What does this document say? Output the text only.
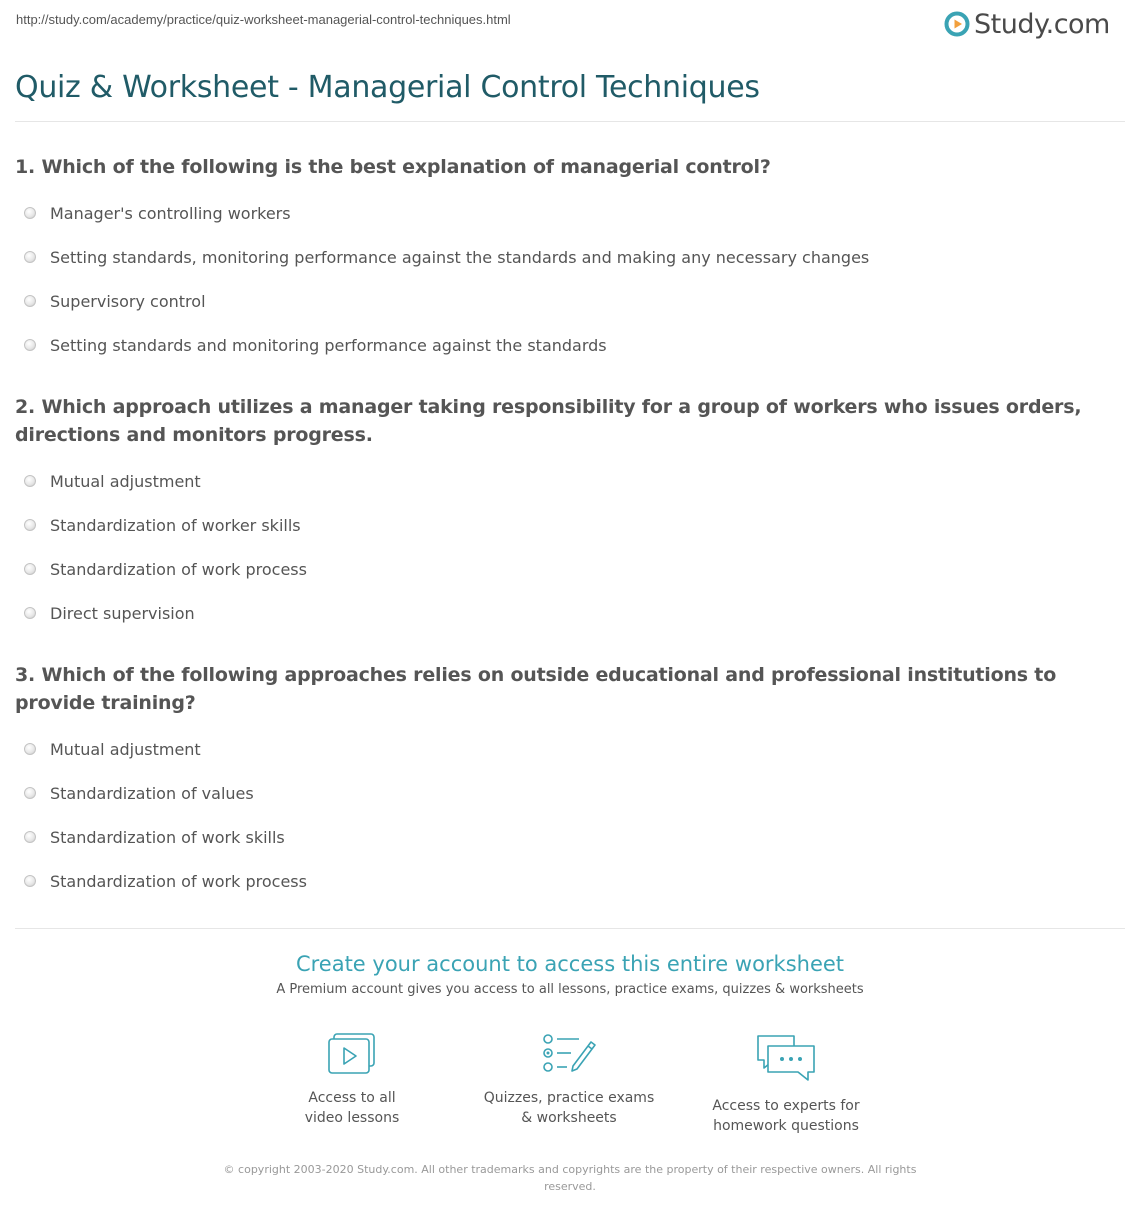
http://study.com/academy/practice/quiz-worksheet-managerial-control-techniques.html	Study.com
Quiz & Worksheet - Managerial Control Techniques
1. Which of the following is the best explanation of managerial control?
Manager's controlling workers
Setting standards, monitoring performance against the standards and making any necessary changes
Supervisory control
Setting standards and monitoring performance against the standards
2. Which approach utilizes a manager taking responsibility for a group of workers who issues orders, directions and monitors progress.
Mutual adjustment
Standardization of worker skills
Standardization of work process
Direct supervision
3. Which of the following approaches relies on outside educational and professional institutions to provide training?
Mutual adjustment
Standardization of values
Standardization of work skills
Standardization of work process
Create your account to access this entire worksheet
A Premium account gives you access to all lessons, practice exams, quizzes & worksheets
Access to all
video lessons
Quizzes, practice exams
& worksheets
Access to experts for
homework questions
© copyright 2003-2020 Study.com. All other trademarks and copyrights are the property of their respective owners. All rights
reserved.
